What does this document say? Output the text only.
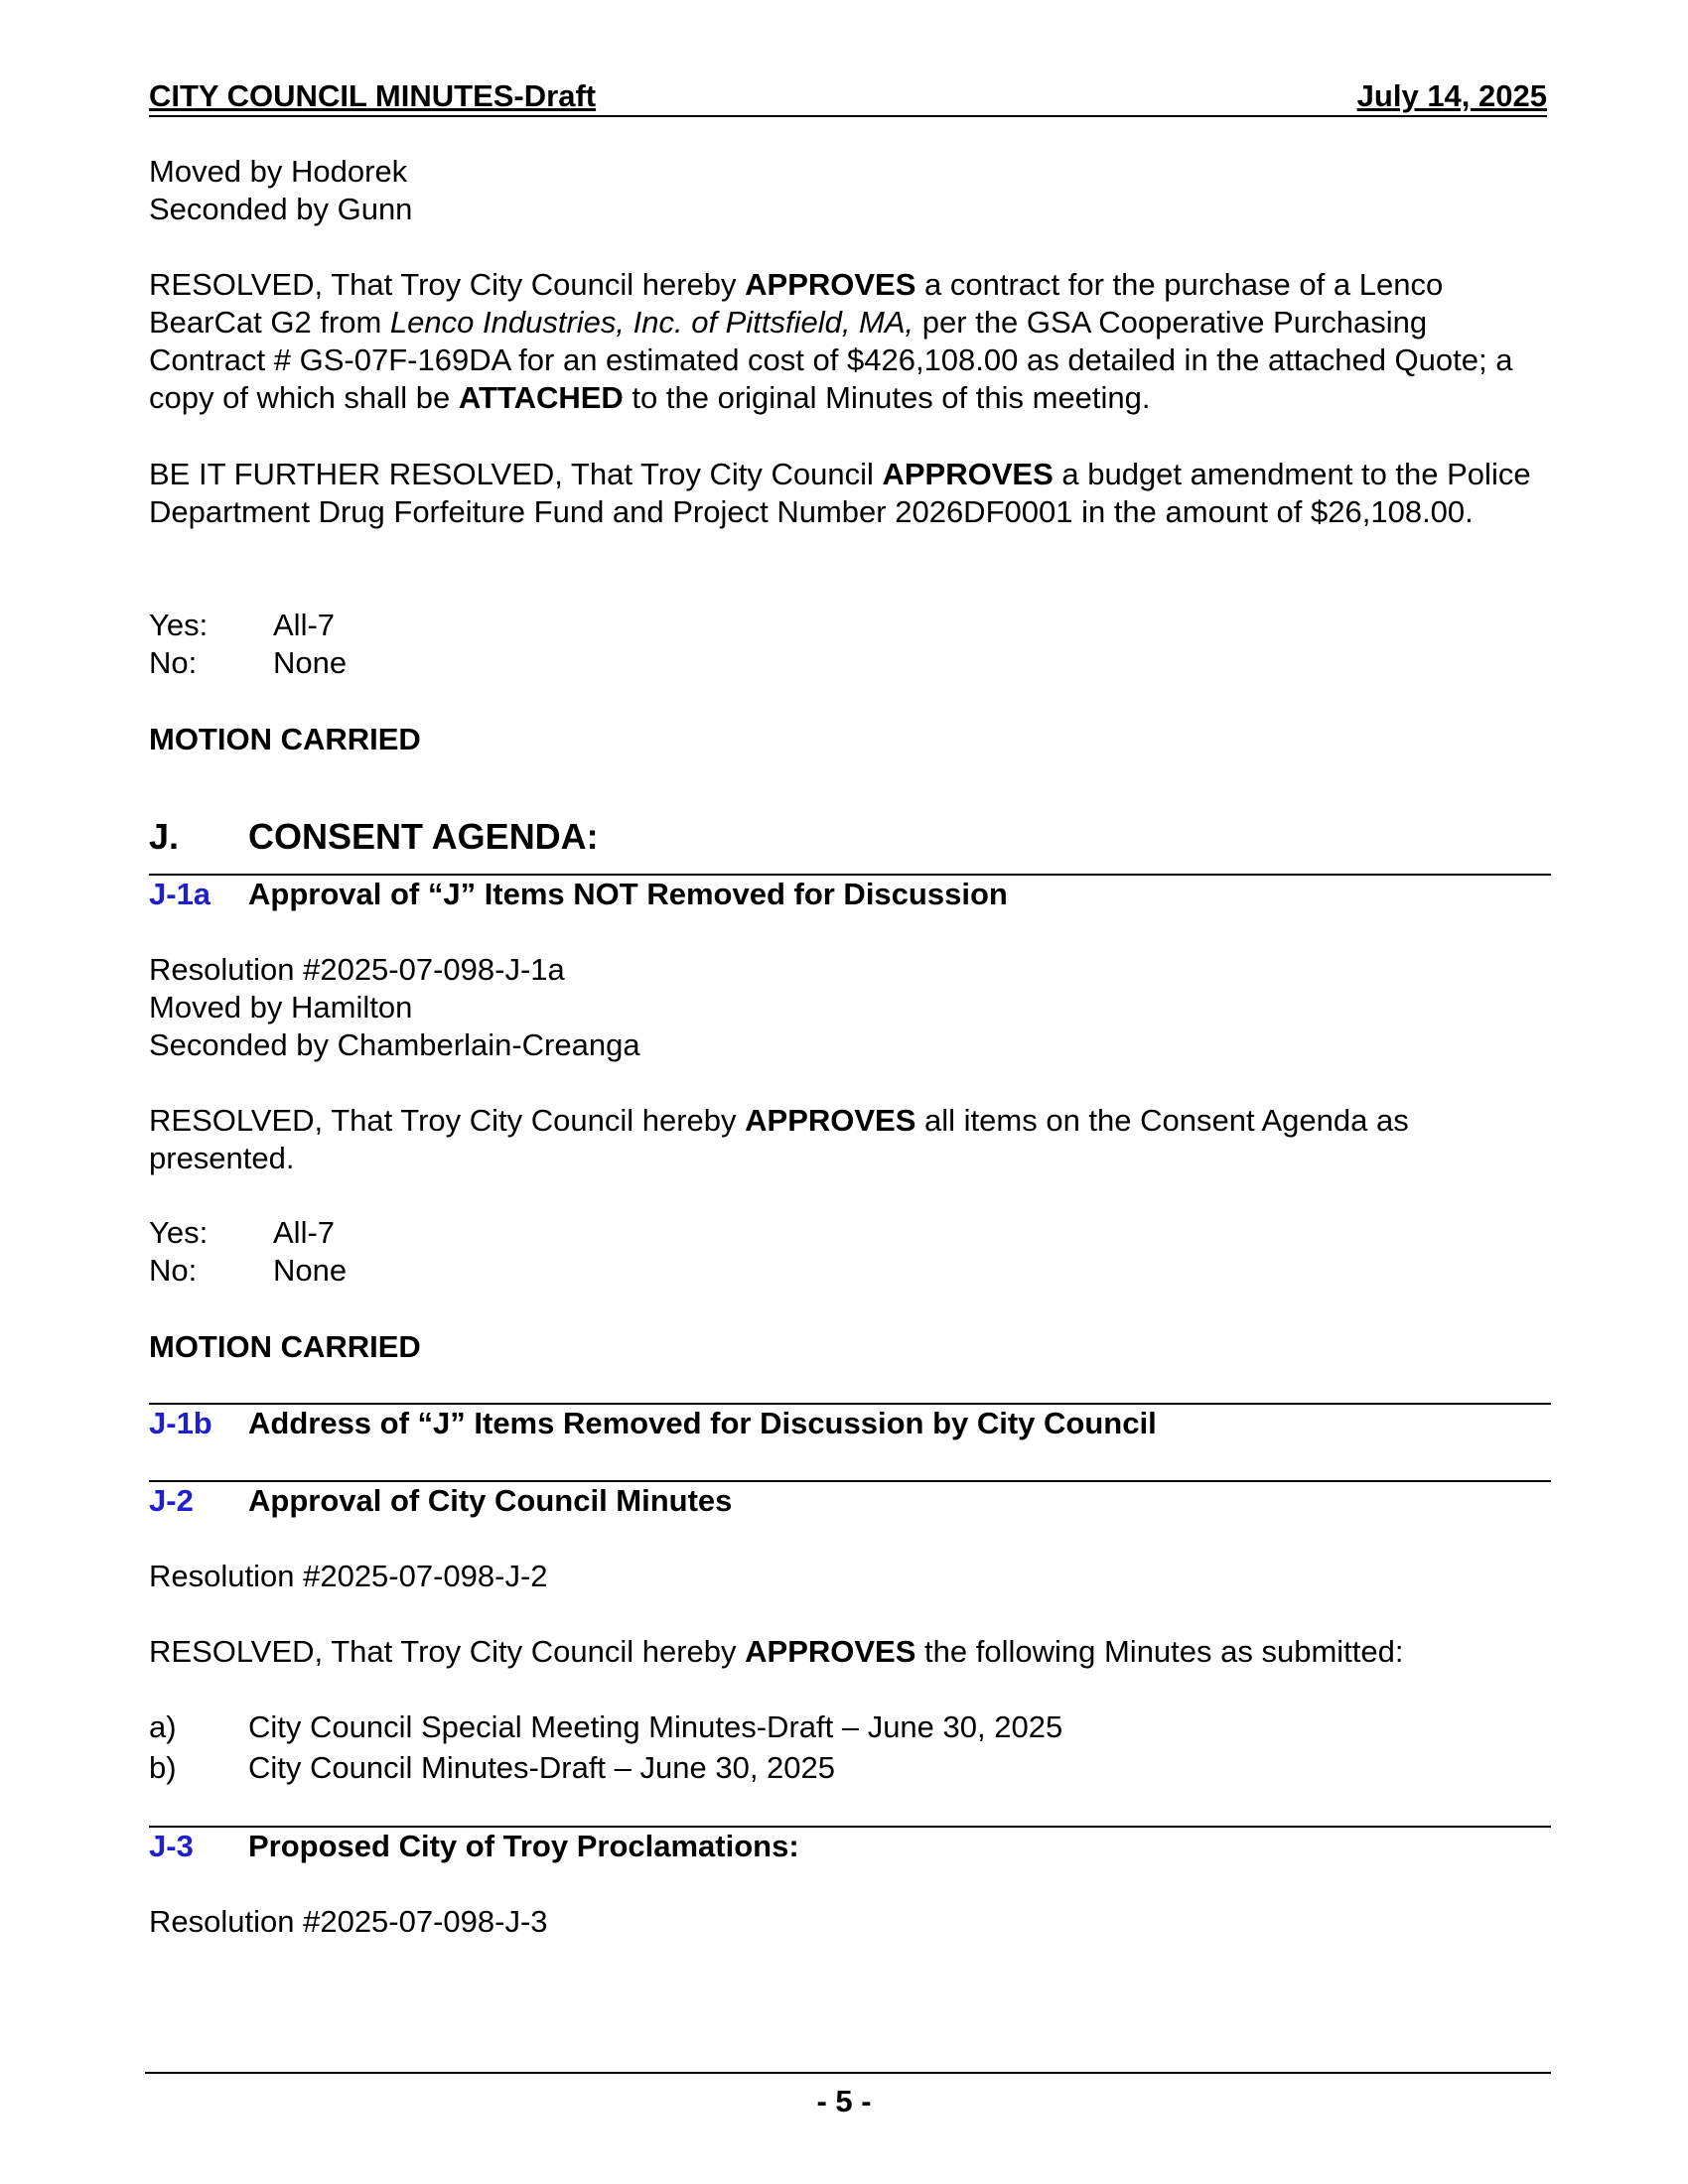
CITY COUNCIL MINUTES-Draft	July 14, 2025
Moved by Hodorek
Seconded by Gunn
RESOLVED, That Troy City Council hereby APPROVES a contract for the purchase of a Lenco BearCat G2 from Lenco Industries, Inc. of Pittsfield, MA, per the GSA Cooperative Purchasing Contract # GS-07F-169DA for an estimated cost of $426,108.00 as detailed in the attached Quote; a copy of which shall be ATTACHED to the original Minutes of this meeting.
BE IT FURTHER RESOLVED, That Troy City Council APPROVES a budget amendment to the Police Department Drug Forfeiture Fund and Project Number 2026DF0001 in the amount of $26,108.00.
Yes:	All-7
No:	None
MOTION CARRIED
J. CONSENT AGENDA:
J-1a	Approval of “J” Items NOT Removed for Discussion
Resolution #2025-07-098-J-1a
Moved by Hamilton
Seconded by Chamberlain-Creanga
RESOLVED, That Troy City Council hereby APPROVES all items on the Consent Agenda as presented.
Yes:	All-7
No:	None
MOTION CARRIED
J-1b	Address of “J” Items Removed for Discussion by City Council
J-2	Approval of City Council Minutes
Resolution #2025-07-098-J-2
RESOLVED, That Troy City Council hereby APPROVES the following Minutes as submitted:
a)	City Council Special Meeting Minutes-Draft – June 30, 2025
b)	City Council Minutes-Draft – June 30, 2025
J-3	Proposed City of Troy Proclamations:
Resolution #2025-07-098-J-3
- 5 -
